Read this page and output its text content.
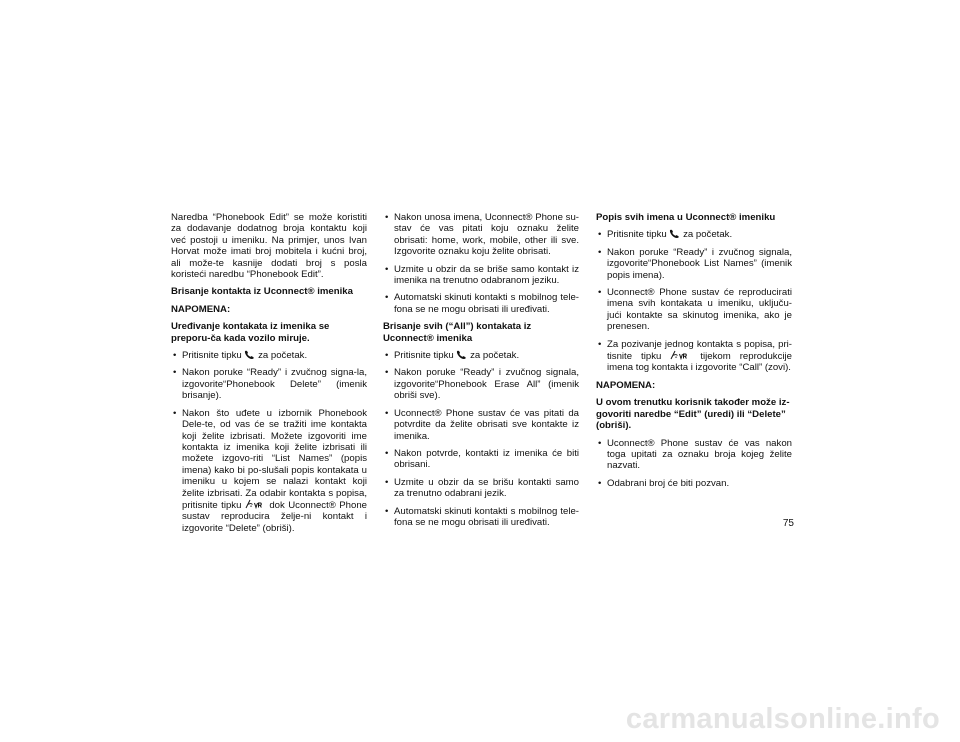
Naredba “Phonebook Edit” se može koristiti za dodavanje dodatnog broja kontaktu koji već postoji u imeniku. Na primjer, unos Ivan Horvat može imati broj mobitela i kućni broj, ali može-te kasnije dodati broj s posla koristeći naredbu “Phonebook Edit”.

Brisanje kontakta iz Uconnect® imenika

NAPOMENA:

Uređivanje kontakata iz imenika se preporu-ča kada vozilo miruje.

• Pritisnite tipku za početak.
• Nakon poruke “Ready” i zvučnog signa-la, izgovorite“Phonebook Delete” (imenik brisanje).
• Nakon što uđete u izbornik Phonebook Dele-te, od vas će se tražiti ime kontakta koji želite izbrisati. Možete izgovoriti ime kontakta iz imenika koji želite izbrisati ili možete izgovo-riti “List Names” (popis imena) kako bi po-slušali popis kontakata u imeniku u kojem se nalazi kontakt koji želite izbrisati. Za odabir kontakta s popisa, pritisnite tipku	dok Uconnect® Phone sustav reproducira želje-ni kontakt i izgovorite “Delete” (obriši).
• Nakon unosa imena, Uconnect® Phone su-stav će vas pitati koju oznaku želite obrisati: home, work, mobile, other ili sve. Izgovorite oznaku koju želite obrisati.
• Uzmite u obzir da se briše samo kontakt iz imenika na trenutno odabranom jeziku.
• Automatski skinuti kontakti s mobilnog tele-fona se ne mogu obrisati ili uređivati.

Brisanje svih (“All”) kontakata iz Uconnect® imenika

• Pritisnite tipku za početak.
• Nakon poruke “Ready” i zvučnog signala, izgovorite“Phonebook Erase All” (imenik obriši sve).
• Uconnect® Phone sustav će vas pitati da potvrdite da želite obrisati sve kontakte iz imenika.
• Nakon potvrde, kontakti iz imenika će biti obrisani.
• Uzmite u obzir da se brišu kontakti samo za trenutno odabrani jezik.
• Automatski skinuti kontakti s mobilnog tele-fona se ne mogu obrisati ili uređivati.

Popis svih imena u Uconnect® imeniku

• Pritisnite tipku za početak.
• Nakon poruke “Ready” i zvučnog signala, izgovorite“Phonebook List Names” (imenik popis imena).
• Uconnect® Phone sustav će reproducirati imena svih kontakata u imeniku, uključu-jući kontakte sa skinutog imenika, ako je prenesen.
• Za pozivanje jednog kontakta s popisa, pri-tisnite tipku	tijekom reprodukcije imena tog kontakta i izgovorite “Call” (zovi).

NAPOMENA:

U ovom trenutku korisnik također može iz-govoriti naredbe “Edit” (uredi) ili “Delete” (obriši).

• Uconnect® Phone sustav će vas nakon toga upitati za oznaku broja kojeg želite nazvati.
• Odabrani broj će biti pozvan.
75
carmanualsonline.info
